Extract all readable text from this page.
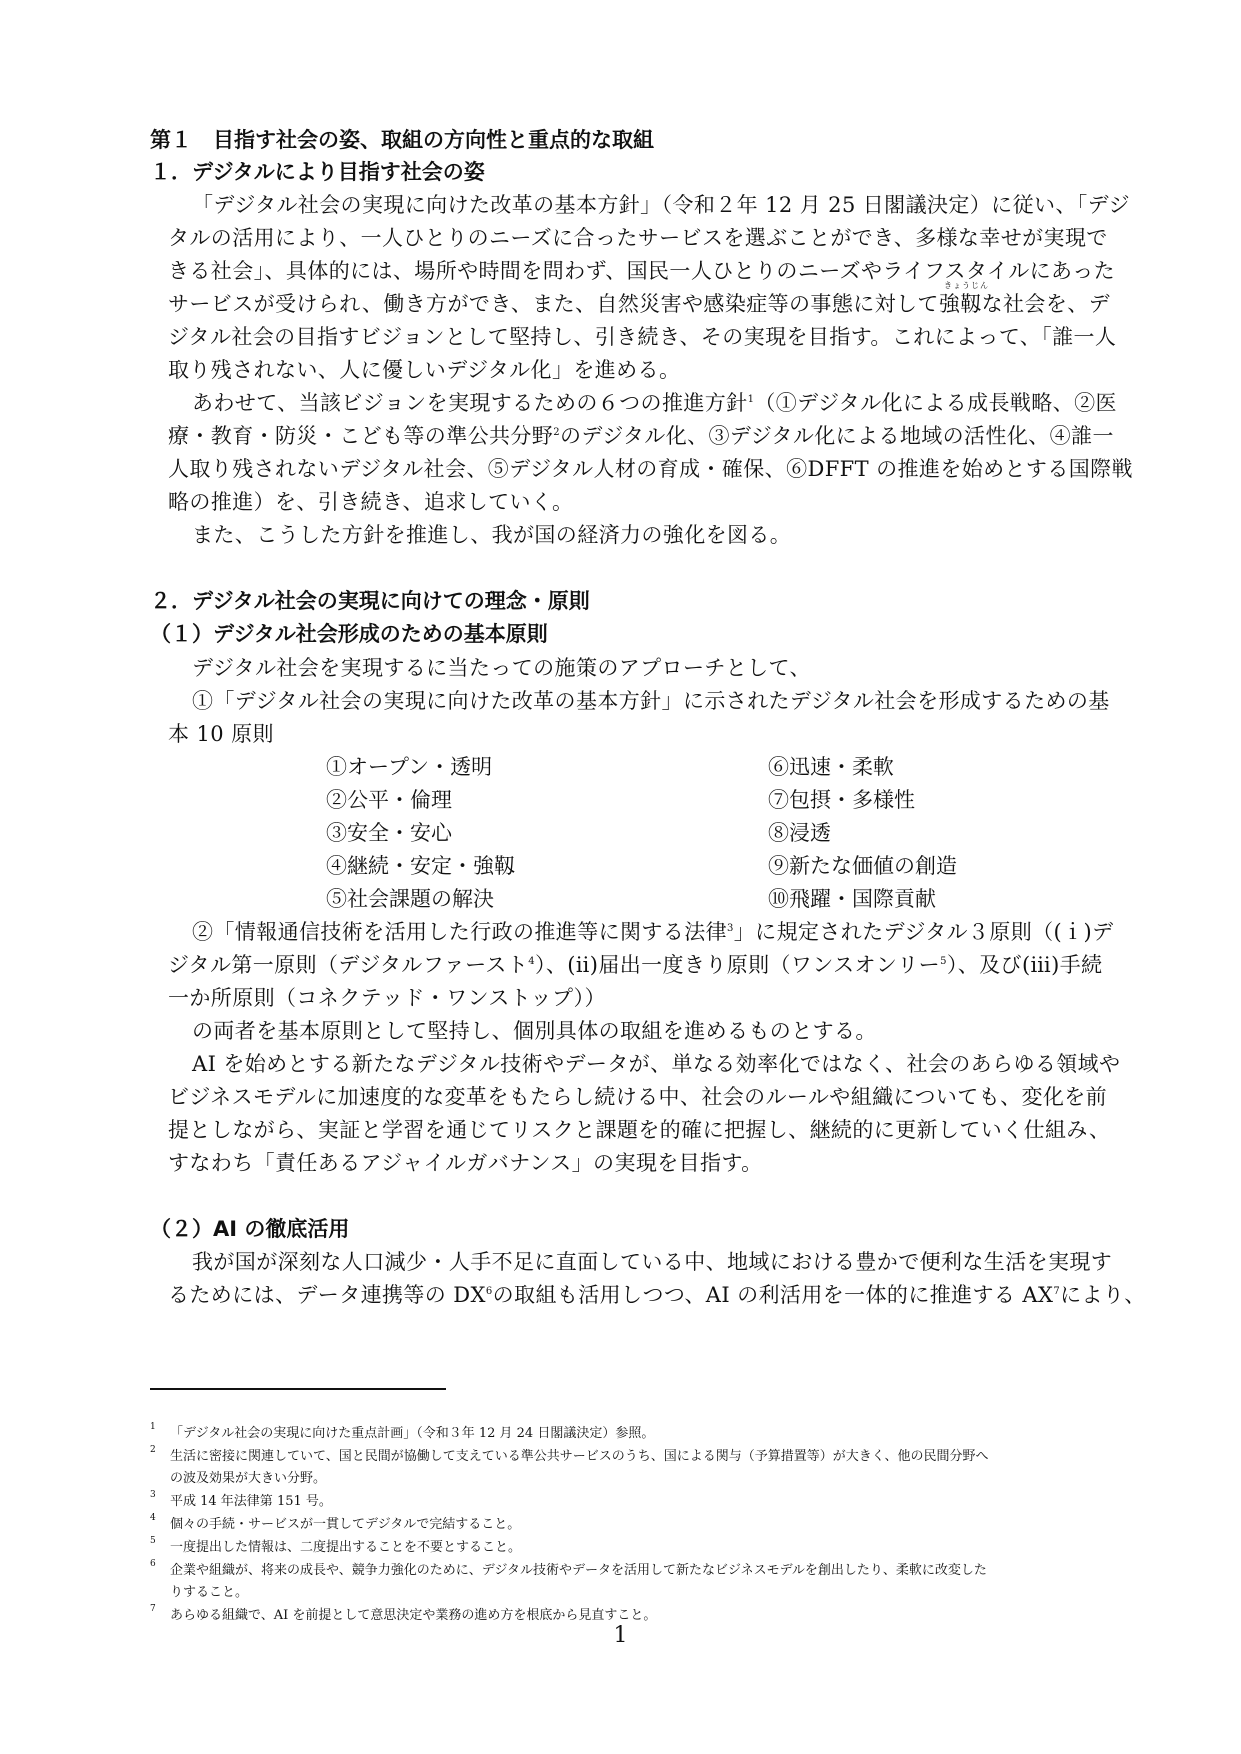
第１　目指す社会の姿、取組の方向性と重点的な取組
１．デジタルにより目指す社会の姿
「デジタル社会の実現に向けた改革の基本方針」（令和２年 12 月 25 日閣議決定）に従い、「デジ
タルの活用により、一人ひとりのニーズに合ったサービスを選ぶことができ、多様な幸せが実現で
きる社会」、具体的には、場所や時間を問わず、国民一人ひとりのニーズやライフスタイルにあった
きょうじん
サービスが受けられ、働き方ができ、また、自然災害や感染症等の事態に対して強靱な社会を、デ
ジタル社会の目指すビジョンとして堅持し、引き続き、その実現を目指す。これによって、「誰一人
取り残されない、人に優しいデジタル化」を進める。
あわせて、当該ビジョンを実現するための６つの推進方針$^1$（①デジタル化による成長戦略、②医
療・教育・防災・こども等の準公共分野$^2$のデジタル化、③デジタル化による地域の活性化、④誰一
人取り残されないデジタル社会、⑤デジタル人材の育成・確保、⑥DFFT の推進を始めとする国際戦
略の推進）を、引き続き、追求していく。
また、こうした方針を推進し、我が国の経済力の強化を図る。
２．デジタル社会の実現に向けての理念・原則
（１）デジタル社会形成のための基本原則
デジタル社会を実現するに当たっての施策のアプローチとして、
①「デジタル社会の実現に向けた改革の基本方針」に示されたデジタル社会を形成するための基
本 10 原則
①オープン・透明
②公平・倫理
③安全・安心
④継続・安定・強靱
⑤社会課題の解決
⑥迅速・柔軟
⑦包摂・多様性
⑧浸透
⑨新たな価値の創造
⑩飛躍・国際貢献
②「情報通信技術を活用した行政の推進等に関する法律$^3$」に規定されたデジタル３原則（(ｉ)デ
ジタル第一原則（デジタルファースト$^4$）、(ⅱ)届出一度きり原則（ワンスオンリー$^5$）、及び(ⅲ)手続
一か所原則（コネクテッド・ワンストップ））
の両者を基本原則として堅持し、個別具体の取組を進めるものとする。
AI を始めとする新たなデジタル技術やデータが、単なる効率化ではなく、社会のあらゆる領域や
ビジネスモデルに加速度的な変革をもたらし続ける中、社会のルールや組織についても、変化を前
提としながら、実証と学習を通じてリスクと課題を的確に把握し、継続的に更新していく仕組み、
すなわち「責任あるアジャイルガバナンス」の実現を目指す。
（２）AI の徹底活用
我が国が深刻な人口減少・人手不足に直面している中、地域における豊かで便利な生活を実現す
るためには、データ連携等の $DX^6$の取組も活用しつつ、AI の利活用を一体的に推進する $AX^7$により、
1 「デジタル社会の実現に向けた重点計画」（令和３年 12 月 24 日閣議決定）参照。
2 生活に密接に関連していて、国と民間が協働して支えている準公共サービスのうち、国による関与（予算措置等）が大きく、他の民間分野へ
の波及効果が大きい分野。
3 平成 14 年法律第 151 号。
4 個々の手続・サービスが一貫してデジタルで完結すること。
5 一度提出した情報は、二度提出することを不要とすること。
6 企業や組織が、将来の成長や、競争力強化のために、デジタル技術やデータを活用して新たなビジネスモデルを創出したり、柔軟に改変した
りすること。
7 あらゆる組織で、AI を前提として意思決定や業務の進め方を根底から見直すこと。
1
